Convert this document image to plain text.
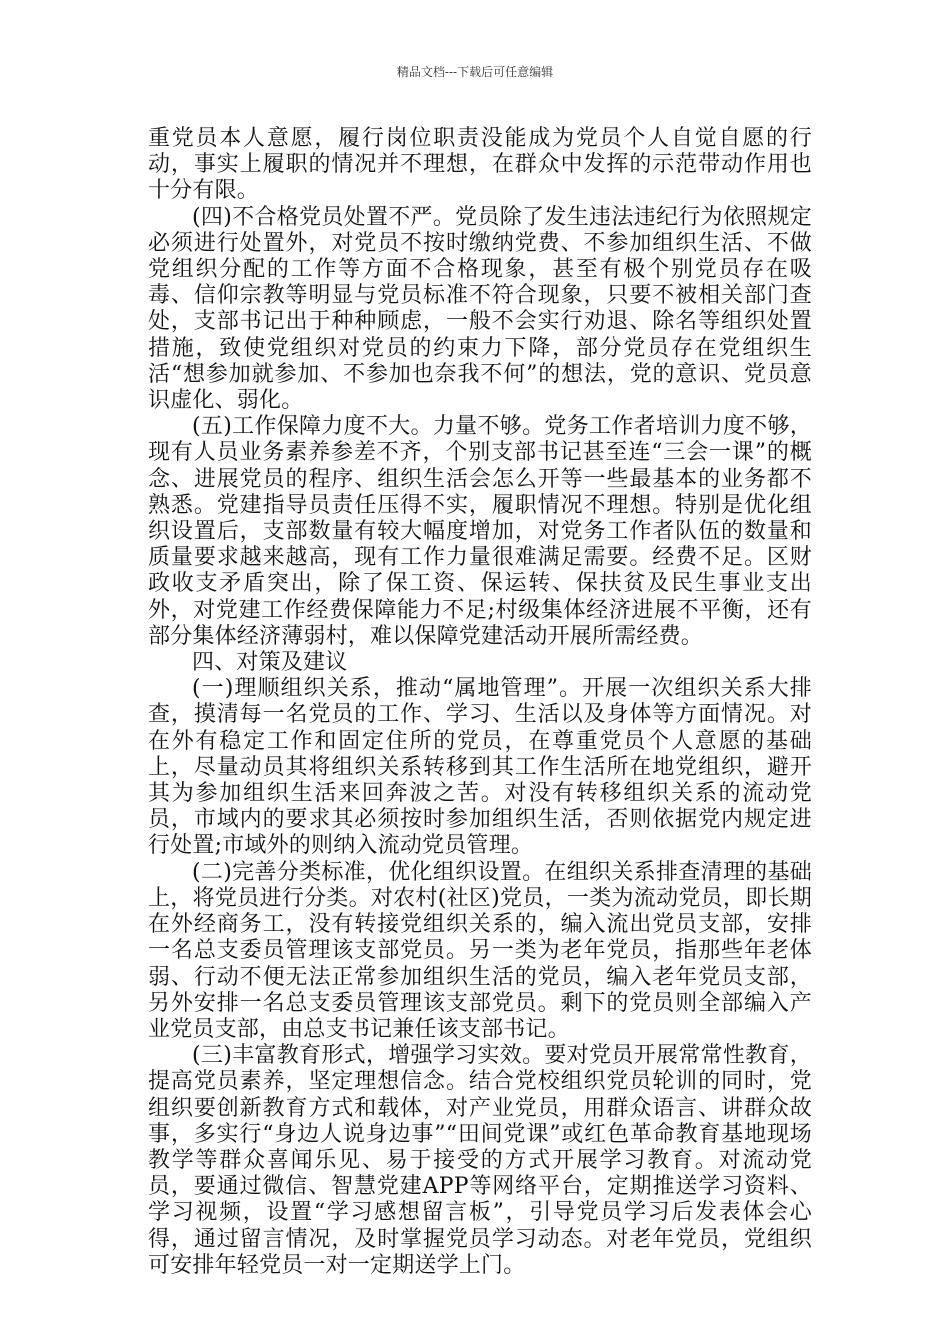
精品文档---下载后可任意编辑

重党员本人意愿，履行岗位职责没能成为党员个人自觉自愿的行动，事实上履职的情况并不理想，在群众中发挥的示范带动作用也十分有限。

(四)不合格党员处置不严。党员除了发生违法违纪行为依照规定必须进行处置外，对党员不按时缴纳党费、不参加组织生活、不做党组织分配的工作等方面不合格现象，甚至有极个别党员存在吸毒、信仰宗教等明显与党员标准不符合现象，只要不被相关部门查处，支部书记出于种种顾虑，一般不会实行劝退、除名等组织处置措施，致使党组织对党员的约束力下降，部分党员存在党组织生活“想参加就参加、不参加也奈我不何”的想法，党的意识、党员意识虚化、弱化。

(五)工作保障力度不大。力量不够。党务工作者培训力度不够，现有人员业务素养参差不齐，个别支部书记甚至连“三会一课”的概念、进展党员的程序、组织生活会怎么开等一些最基本的业务都不熟悉。党建指导员责任压得不实，履职情况不理想。特别是优化组织设置后，支部数量有较大幅度增加，对党务工作者队伍的数量和质量要求越来越高，现有工作力量很难满足需要。经费不足。区财政收支矛盾突出，除了保工资、保运转、保扶贫及民生事业支出外，对党建工作经费保障能力不足;村级集体经济进展不平衡，还有部分集体经济薄弱村，难以保障党建活动开展所需经费。

四、对策及建议

(一)理顺组织关系，推动“属地管理”。开展一次组织关系大排查，摸清每一名党员的工作、学习、生活以及身体等方面情况。对在外有稳定工作和固定住所的党员，在尊重党员个人意愿的基础上，尽量动员其将组织关系转移到其工作生活所在地党组织，避开其为参加组织生活来回奔波之苦。对没有转移组织关系的流动党员，市域内的要求其必须按时参加组织生活，否则依据党内规定进行处置;市域外的则纳入流动党员管理。

(二)完善分类标准，优化组织设置。在组织关系排查清理的基础上，将党员进行分类。对农村(社区)党员，一类为流动党员，即长期在外经商务工，没有转接党组织关系的，编入流出党员支部，安排一名总支委员管理该支部党员。另一类为老年党员，指那些年老体弱、行动不便无法正常参加组织生活的党员，编入老年党员支部，另外安排一名总支委员管理该支部党员。剩下的党员则全部编入产业党员支部，由总支书记兼任该支部书记。

(三)丰富教育形式，增强学习实效。要对党员开展常常性教育，提高党员素养，坚定理想信念。结合党校组织党员轮训的同时，党组织要创新教育方式和载体，对产业党员，用群众语言、讲群众故事，多实行“身边人说身边事”“田间党课”或红色革命教育基地现场教学等群众喜闻乐见、易于接受的方式开展学习教育。对流动党员，要通过微信、智慧党建APP等网络平台，定期推送学习资料、学习视频，设置“学习感想留言板”，引导党员学习后发表体会心得，通过留言情况，及时掌握党员学习动态。对老年党员，党组织可安排年轻党员一对一定期送学上门。
